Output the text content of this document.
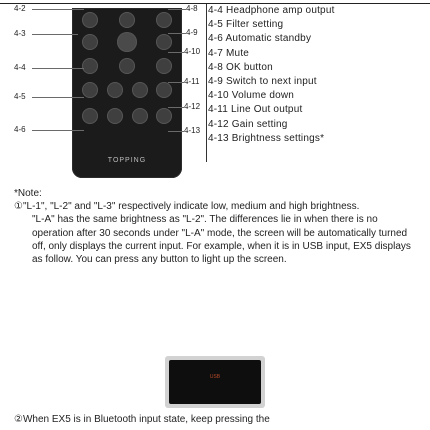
TOPPING
4-2
4-3
4-4
4-5
4-6
4-8
4-9
4-10
4-11
4-12
4-13
4-4 Headphone amp output
4-5 Filter setting
4-6 Automatic standby
4-7 Mute
4-8 OK button
4-9 Switch to next input
4-10 Volume down
4-11 Line Out output
4-12 Gain setting
4-13 Brightness settings*

*Note:

①"L-1", "L-2" and "L-3" respectively indicate low, medium and high brightness.

"L-A" has the same brightness as "L-2". The differences lie in when there is no operation after 30 seconds under "L-A" mode, the screen will be automatically turned off, only displays the current input. For example, when it is in USB input, EX5 displays as follow. You can press any button to light up the screen.

USB
②When EX5 is in Bluetooth input state, keep pressing the
